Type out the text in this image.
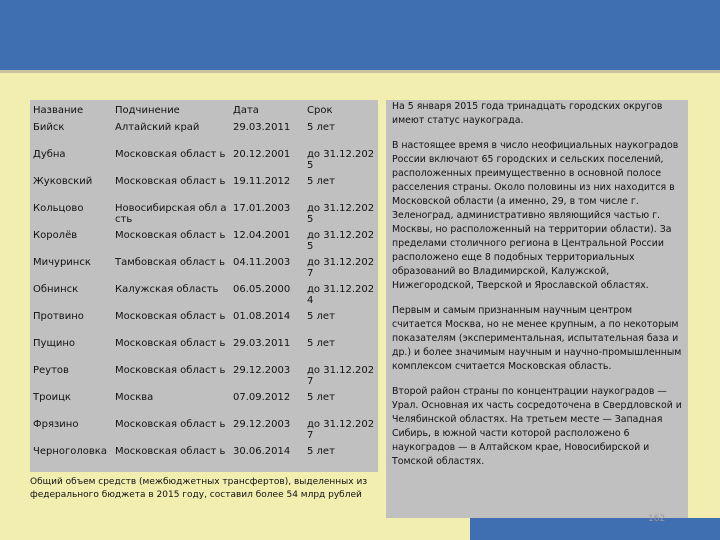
Название	Подчинение	Дата	Срок
Бийск	Алтайский край	29.03.2011	5 лет
Дубна	Московская област ь	20.12.2001	до 31.12.2025
Жуковский	Московская област ь	19.11.2012	5 лет
Кольцово	Новосибирская обл асть	17.01.2003	до 31.12.2025
Королёв	Московская област ь	12.04.2001	до 31.12.2025
Мичуринск	Тамбовская област ь	04.11.2003	до 31.12.2027
Обнинск	Калужская область	06.05.2000	до 31.12.2024
Протвино	Московская област ь	01.08.2014	5 лет
Пущино	Московская област ь	29.03.2011	5 лет
Реутов	Московская област ь	29.12.2003	до 31.12.2027
Троицк	Москва	07.09.2012	5 лет
Фрязино	Московская област ь	29.12.2003	до 31.12.2027
Черноголовка	Московская област ь	30.06.2014	5 лет
Общий объем средств (межбюджетных трансфертов), выделенных из федерального бюджета в 2015 году, составил более 54 млрд рублей

На 5 января 2015 года тринадцать городских округов имеют статус наукограда.

В настоящее время в число неофициальных наукоградов России включают 65 городских и сельских поселений, расположенных преимущественно в основной полосе расселения страны. Около половины из них находится в Московской области (а именно, 29, в том числе г. Зеленоград, административно являющийся частью г. Москвы, но расположенный на территории области). За пределами столичного региона в Центральной России расположено еще 8 подобных территориальных образований во Владимирской, Калужской, Нижегородской, Тверской и Ярославской областях.

Первым и самым признанным научным центром считается Москва, но не менее крупным, а по некоторым показателям (экспериментальная, испытательная база и др.) и более значимым научным и научно-промышленным комплексом считается Московская область.

Второй район страны по концентрации наукоградов — Урал. Основная их часть сосредоточена в Свердловской и Челябинской областях. На третьем месте — Западная Сибирь, в южной части которой расположено 6 наукоградов — в Алтайском крае, Новосибирской и Томской областях.

162
